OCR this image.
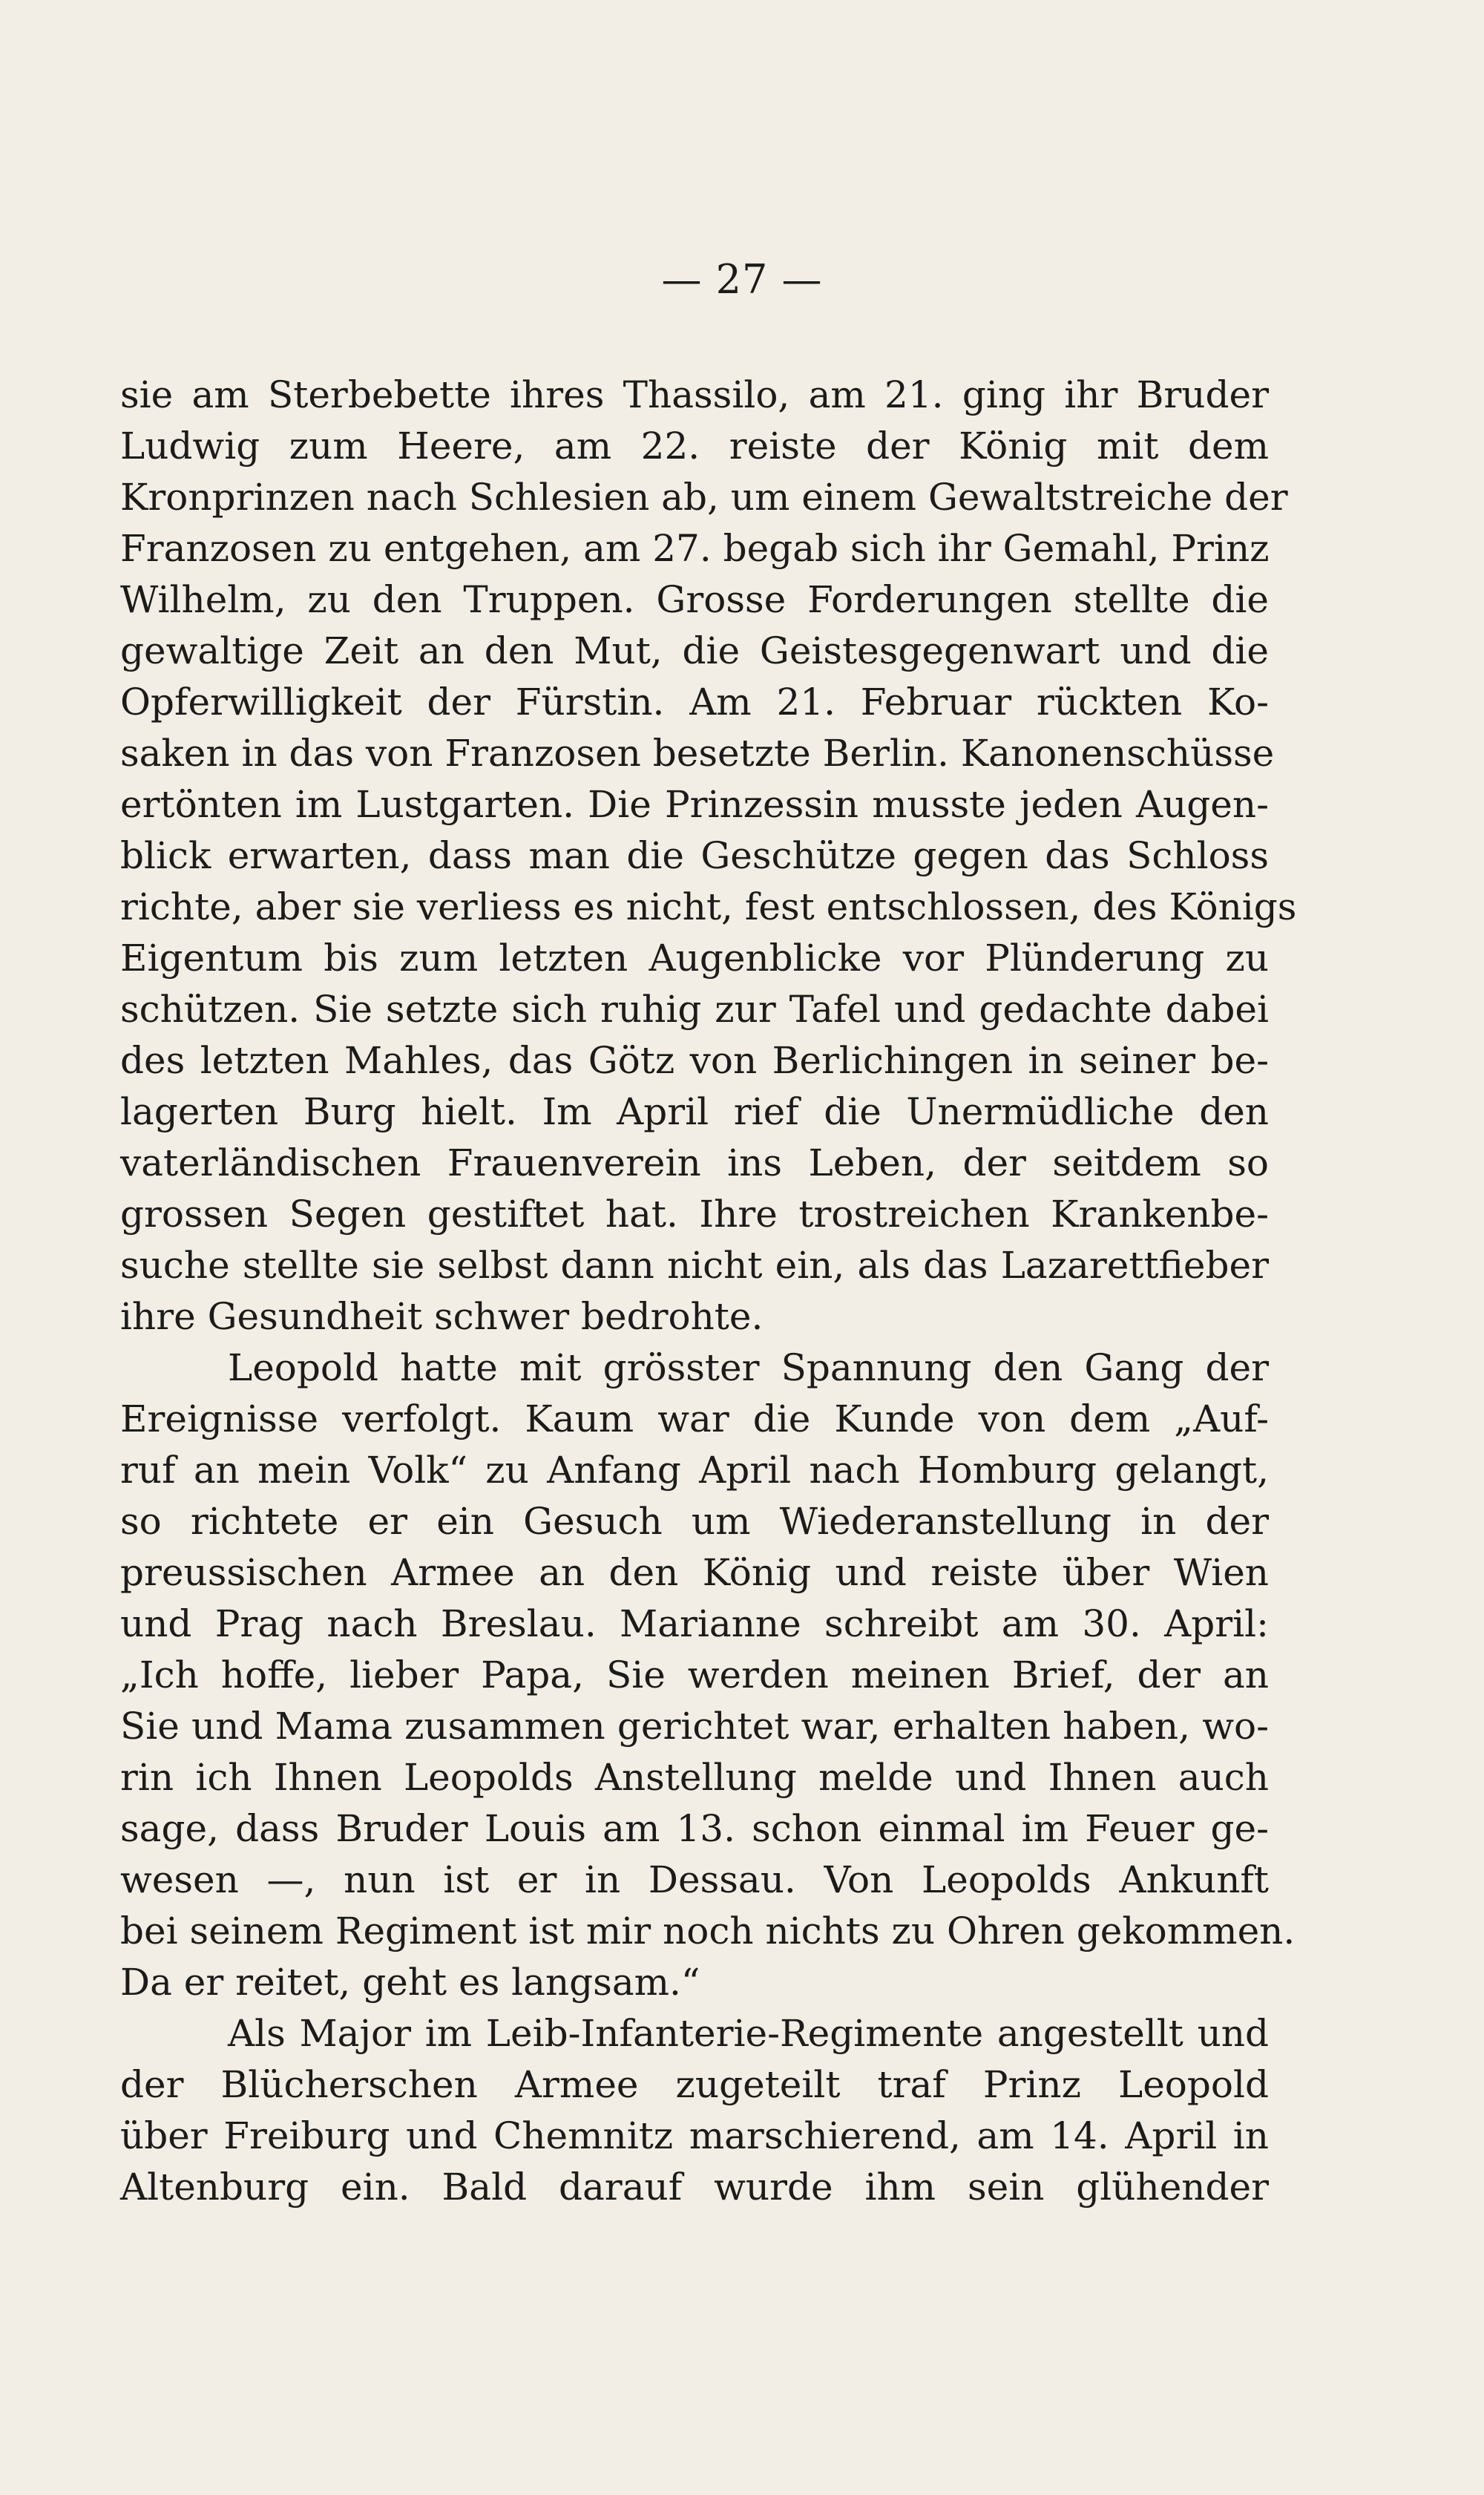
— 27 —
sie am Sterbebette ihres Thassilo, am 21. ging ihr Bruder
Ludwig zum Heere, am 22. reiste der König mit dem
Kronprinzen nach Schlesien ab, um einem Gewaltstreiche der
Franzosen zu entgehen, am 27. begab sich ihr Gemahl, Prinz
Wilhelm, zu den Truppen. Grosse Forderungen stellte die
gewaltige Zeit an den Mut, die Geistesgegenwart und die
Opferwilligkeit der Fürstin. Am 21. Februar rückten Ko-
saken in das von Franzosen besetzte Berlin. Kanonenschüsse
ertönten im Lustgarten. Die Prinzessin musste jeden Augen-
blick erwarten, dass man die Geschütze gegen das Schloss
richte, aber sie verliess es nicht, fest entschlossen, des Königs
Eigentum bis zum letzten Augenblicke vor Plünderung zu
schützen. Sie setzte sich ruhig zur Tafel und gedachte dabei
des letzten Mahles, das Götz von Berlichingen in seiner be-
lagerten Burg hielt. Im April rief die Unermüdliche den
vaterländischen Frauenverein ins Leben, der seitdem so
grossen Segen gestiftet hat. Ihre trostreichen Krankenbe-
suche stellte sie selbst dann nicht ein, als das Lazarettfieber
ihre Gesundheit schwer bedrohte.
Leopold hatte mit grösster Spannung den Gang der
Ereignisse verfolgt. Kaum war die Kunde von dem „Auf-
ruf an mein Volk“ zu Anfang April nach Homburg gelangt,
so richtete er ein Gesuch um Wiederanstellung in der
preussischen Armee an den König und reiste über Wien
und Prag nach Breslau. Marianne schreibt am 30. April:
„Ich hoffe, lieber Papa, Sie werden meinen Brief, der an
Sie und Mama zusammen gerichtet war, erhalten haben, wo-
rin ich Ihnen Leopolds Anstellung melde und Ihnen auch
sage, dass Bruder Louis am 13. schon einmal im Feuer ge-
wesen —, nun ist er in Dessau. Von Leopolds Ankunft
bei seinem Regiment ist mir noch nichts zu Ohren gekommen.
Da er reitet, geht es langsam.“
Als Major im Leib-Infanterie-Regimente angestellt und
der Blücherschen Armee zugeteilt traf Prinz Leopold
über Freiburg und Chemnitz marschierend, am 14. April in
Altenburg ein. Bald darauf wurde ihm sein glühender
